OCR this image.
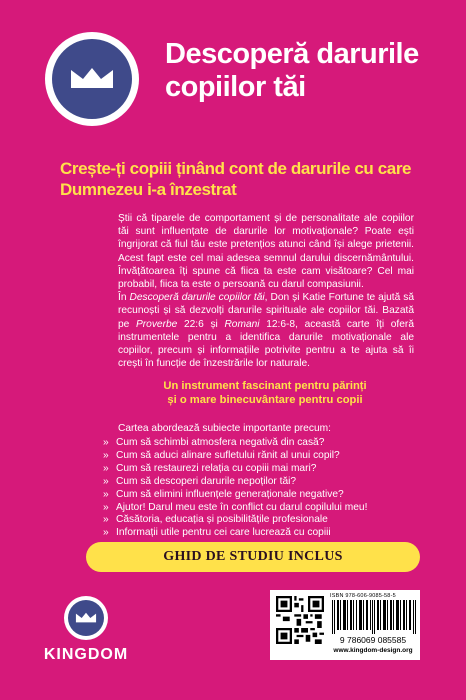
Descoperă darurile copiilor tăi
Crește-ți copiii ținând cont de darurile cu care Dumnezeu i-a înzestrat

Știi că tiparele de comportament și de personalitate ale copiilor tăi sunt influențate de darurile lor motivaționale? Poate ești îngrijorat că fiul tău este pretențios atunci când își alege prietenii. Acest fapt este cel mai adesea semnul darului discernământului. Învățătoarea îți spune că fiica ta este cam visătoare? Cel mai probabil, fiica ta este o persoană cu darul compasiunii.

În Descoperă darurile copiilor tăi, Don și Katie Fortune te ajută să recunoști și să dezvolți darurile spirituale ale copiilor tăi. Bazată pe Proverbe 22:6 și Romani 12:6-8, această carte îți oferă instrumentele pentru a identifica darurile motivaționale ale copiilor, precum și informațiile potrivite pentru a te ajuta să îi crești în funcție de înzestrările lor naturale.

Un instrument fascinant pentru părinți
și o mare binecuvântare pentru copii

Cartea abordează subiecte importante precum:

» Cum să schimbi atmosfera negativă din casă?
» Cum să aduci alinare sufletului rănit al unui copil?
» Cum să restaurezi relația cu copiii mai mari?
» Cum să descoperi darurile nepoților tăi?
» Cum să elimini influențele generaționale negative?
» Ajutor! Darul meu este în conflict cu darul copilului meu!
» Căsătoria, educația și posibilitățile profesionale
» Informații utile pentru cei care lucrează cu copiii
GHID DE STUDIU INCLUS
KINGDOM
ISBN 978-606-9085-58-5
9 786069 085585
www.kingdom-design.org
